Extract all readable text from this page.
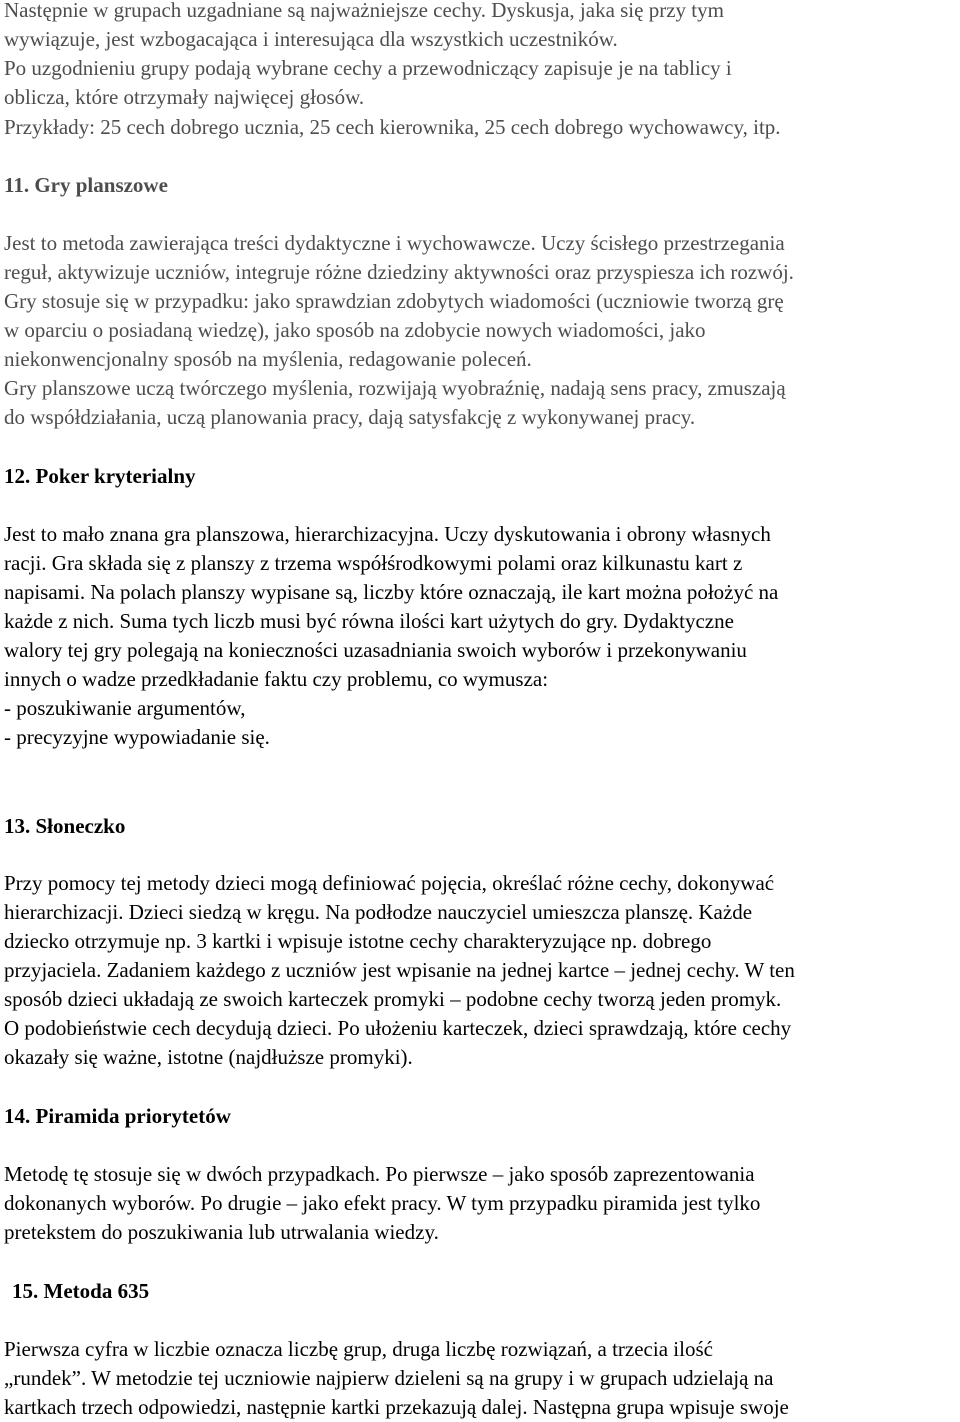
Następnie w grupach uzgadniane są najważniejsze cechy. Dyskusja, jaka się przy tym
wywiązuje, jest wzbogacająca i interesująca dla wszystkich uczestników.
Po uzgodnieniu grupy podają wybrane cechy a przewodniczący zapisuje je na tablicy i
oblicza, które otrzymały najwięcej głosów.
Przykłady: 25 cech dobrego ucznia, 25 cech kierownika, 25 cech dobrego wychowawcy, itp.
11. Gry planszowe
Jest to metoda zawierająca treści dydaktyczne i wychowawcze. Uczy ścisłego przestrzegania
reguł, aktywizuje uczniów, integruje różne dziedziny aktywności oraz przyspiesza ich rozwój.
Gry stosuje się w przypadku: jako sprawdzian zdobytych wiadomości (uczniowie tworzą grę
w oparciu o posiadaną wiedzę), jako sposób na zdobycie nowych wiadomości, jako
niekonwencjonalny sposób na myślenia, redagowanie poleceń.
Gry planszowe uczą twórczego myślenia, rozwijają wyobraźnię, nadają sens pracy, zmuszają
do współdziałania, uczą planowania pracy, dają satysfakcję z wykonywanej pracy.
12. Poker kryterialny
Jest to mało znana gra planszowa, hierarchizacyjna. Uczy dyskutowania i obrony własnych
racji. Gra składa się z planszy z trzema współśrodkowymi polami oraz kilkunastu kart z
napisami. Na polach planszy wypisane są, liczby które oznaczają, ile kart można położyć na
każde z nich. Suma tych liczb musi być równa ilości kart użytych do gry. Dydaktyczne
walory tej gry polegają na konieczności uzasadniania swoich wyborów i przekonywaniu
innych o wadze przedkładanie faktu czy problemu, co wymusza:
- poszukiwanie argumentów,
- precyzyjne wypowiadanie się.
13. Słoneczko
Przy pomocy tej metody dzieci mogą definiować pojęcia, określać różne cechy, dokonywać
hierarchizacji. Dzieci siedzą w kręgu. Na podłodze nauczyciel umieszcza planszę. Każde
dziecko otrzymuje np. 3 kartki i wpisuje istotne cechy charakteryzujące np. dobrego
przyjaciela. Zadaniem każdego z uczniów jest wpisanie na jednej kartce – jednej cechy. W ten
sposób dzieci układają ze swoich karteczek promyki – podobne cechy tworzą jeden promyk.
O podobieństwie cech decydują dzieci. Po ułożeniu karteczek, dzieci sprawdzają, które cechy
okazały się ważne, istotne (najdłuższe promyki).
14. Piramida priorytetów
Metodę tę stosuje się w dwóch przypadkach. Po pierwsze – jako sposób zaprezentowania
dokonanych wyborów. Po drugie – jako efekt pracy. W tym przypadku piramida jest tylko
pretekstem do poszukiwania lub utrwalania wiedzy.
15. Metoda 635
Pierwsza cyfra w liczbie oznacza liczbę grup, druga liczbę rozwiązań, a trzecia ilość
„rundek”. W metodzie tej uczniowie najpierw dzieleni są na grupy i w grupach udzielają na
kartkach trzech odpowiedzi, następnie kartki przekazują dalej. Następna grupa wpisuje swoje
